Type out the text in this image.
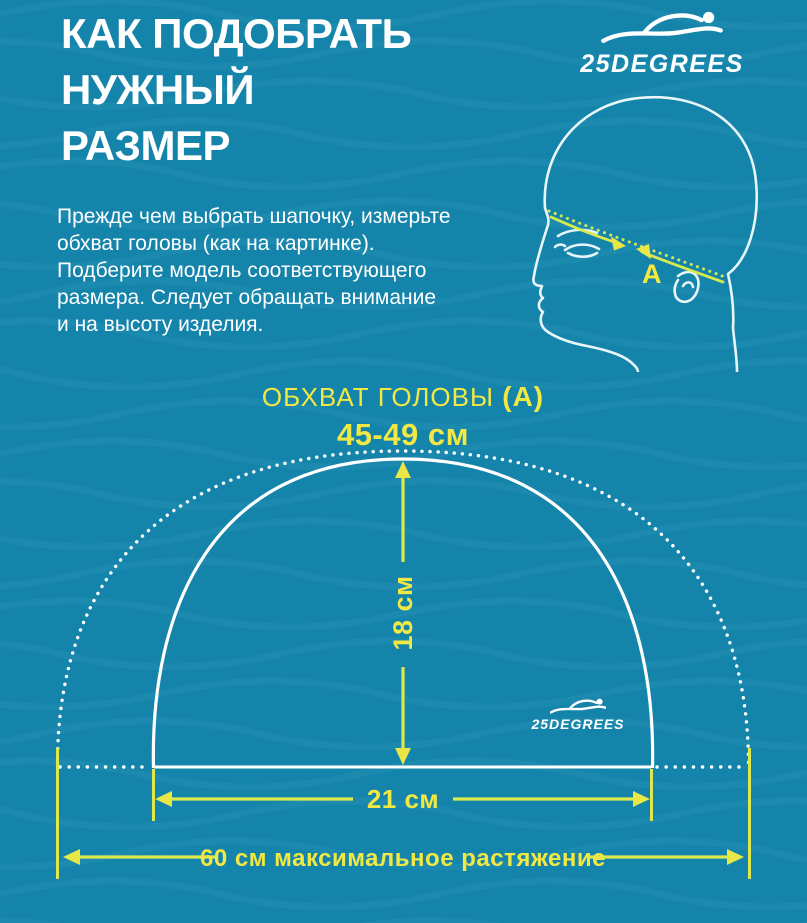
18 см
21 см
60 см максимальное растяжение
A
КАК ПОДОБРАТЬ
НУЖНЫЙ
РАЗМЕР
25DEGREES
Прежде чем выбрать шапочку, измерьте
обхват головы (как на картинке).
Подберите модель соответствующего
размера. Следует обращать внимание
и на высоту изделия.
ОБХВАТ ГОЛОВЫ (А)
45-49 см
25DEGREES
